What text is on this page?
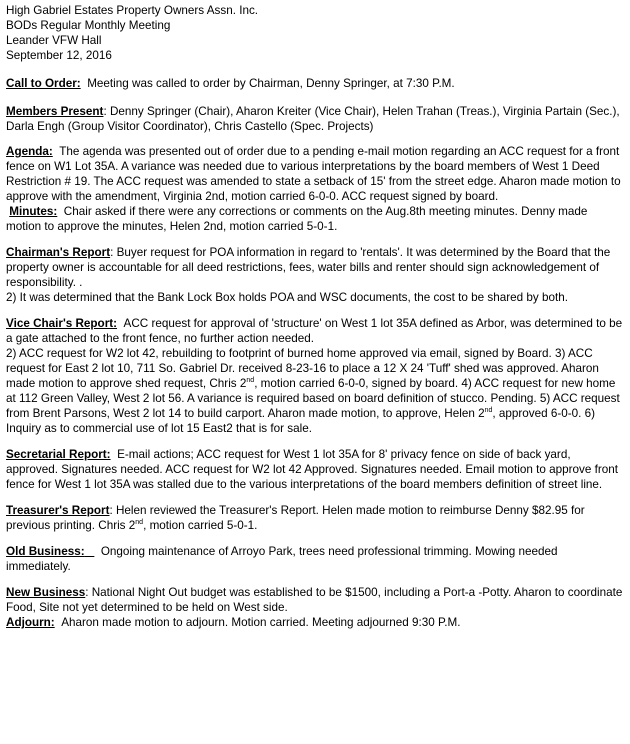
High Gabriel Estates Property Owners Assn. Inc.
BODs Regular Monthly Meeting
Leander VFW Hall
September 12, 2016

Call to Order: Meeting was called to order by Chairman, Denny Springer, at 7:30 P.M.

Members Present: Denny Springer (Chair), Aharon Kreiter (Vice Chair), Helen Trahan (Treas.), Virginia Partain (Sec.), Darla Engh (Group Visitor Coordinator), Chris Castello (Spec. Projects)

Agenda: The agenda was presented out of order due to a pending e-mail motion regarding an ACC request for a front fence on W1 Lot 35A. A variance was needed due to various interpretations by the board members of West 1 Deed Restriction # 19. The ACC request was amended to state a setback of 15' from the street edge. Aharon made motion to approve with the amendment, Virginia 2nd, motion carried 6-0-0. ACC request signed by board.

Minutes: Chair asked if there were any corrections or comments on the Aug.8th meeting minutes. Denny made motion to approve the minutes, Helen 2nd, motion carried 5-0-1.

Chairman's Report: Buyer request for POA information in regard to 'rentals'. It was determined by the Board that the property owner is accountable for all deed restrictions, fees, water bills and renter should sign acknowledgement of responsibility. .

2) It was determined that the Bank Lock Box holds POA and WSC documents, the cost to be shared by both.

Vice Chair's Report: ACC request for approval of 'structure' on West 1 lot 35A defined as Arbor, was determined to be a gate attached to the front fence, no further action needed.

2) ACC request for W2 lot 42, rebuilding to footprint of burned home approved via email, signed by Board. 3) ACC request for East 2 lot 10, 711 So. Gabriel Dr. received 8-23-16 to place a 12 X 24 'Tuff' shed was approved. Aharon made motion to approve shed request, Chris 2nd, motion carried 6-0-0, signed by board. 4) ACC request for new home at 112 Green Valley, West 2 lot 56. A variance is required based on board definition of stucco. Pending. 5) ACC request from Brent Parsons, West 2 lot 14 to build carport. Aharon made motion, to approve, Helen 2nd, approved 6-0-0. 6) Inquiry as to commercial use of lot 15 East2 that is for sale.

Secretarial Report: E-mail actions; ACC request for West 1 lot 35A for 8' privacy fence on side of back yard, approved. Signatures needed. ACC request for W2 lot 42 Approved. Signatures needed. Email motion to approve front fence for West 1 lot 35A was stalled due to the various interpretations of the board members definition of street line.

Treasurer's Report: Helen reviewed the Treasurer's Report. Helen made motion to reimburse Denny $82.95 for previous printing. Chris 2nd, motion carried 5-0-1.

Old Business: Ongoing maintenance of Arroyo Park, trees need professional trimming. Mowing needed immediately.

New Business: National Night Out budget was established to be $1500, including a Port-a -Potty. Aharon to coordinate Food, Site not yet determined to be held on West side.

Adjourn: Aharon made motion to adjourn. Motion carried. Meeting adjourned 9:30 P.M.
